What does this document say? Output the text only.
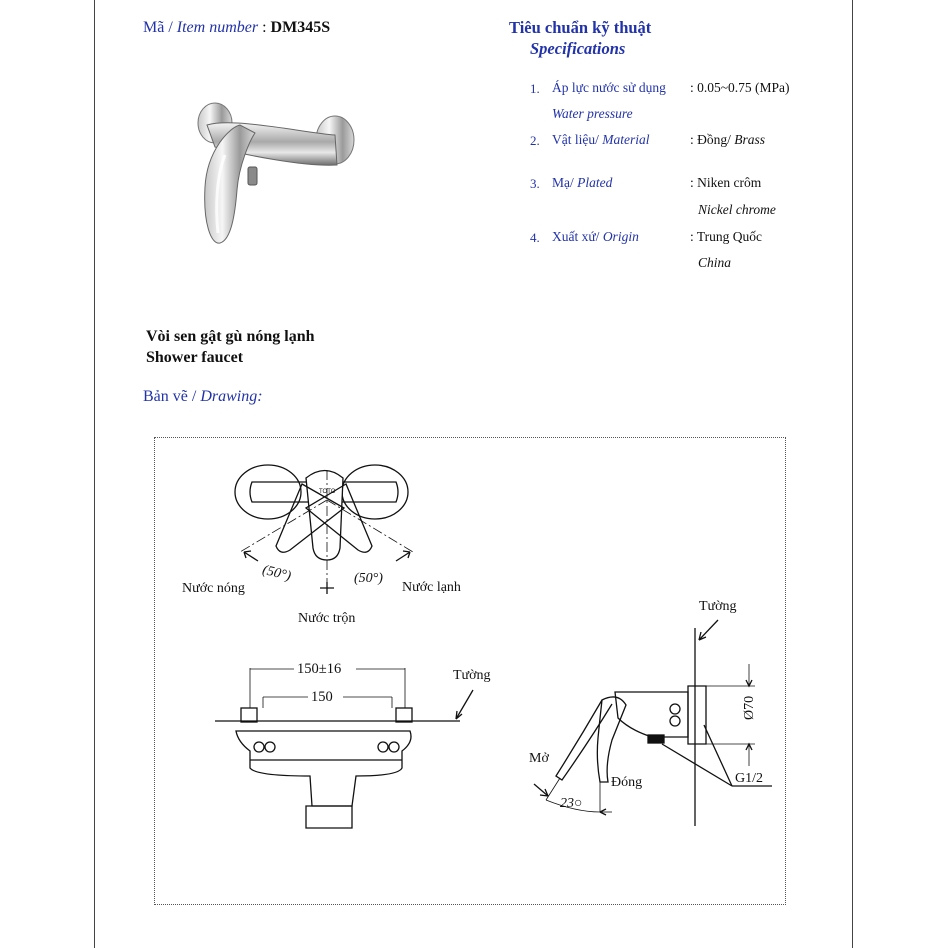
Mã / Item number : DM345S	Tiêu chuẩn kỹ thuật
Specifications
1. Áp lực nước sử dụng
Water pressure
: 0.05~0.75 (MPa)
2. Vật liệu/ Material	: Đồng/ Brass
3. Mạ/ Plated	: Niken crôm
Nickel chrome
4. Xuất xứ/ Origin	: Trung Quốc
China
Vòi sen gật gù nóng lạnh
Shower faucet
Bản vẽ / Drawing:
TOTO
Nước nóng	Nước lạnh
Nước trộn
(50°)	(50°)
Tường
150±16
150
Tường
Mở
Đóng
23○
Ø70
G1/2
